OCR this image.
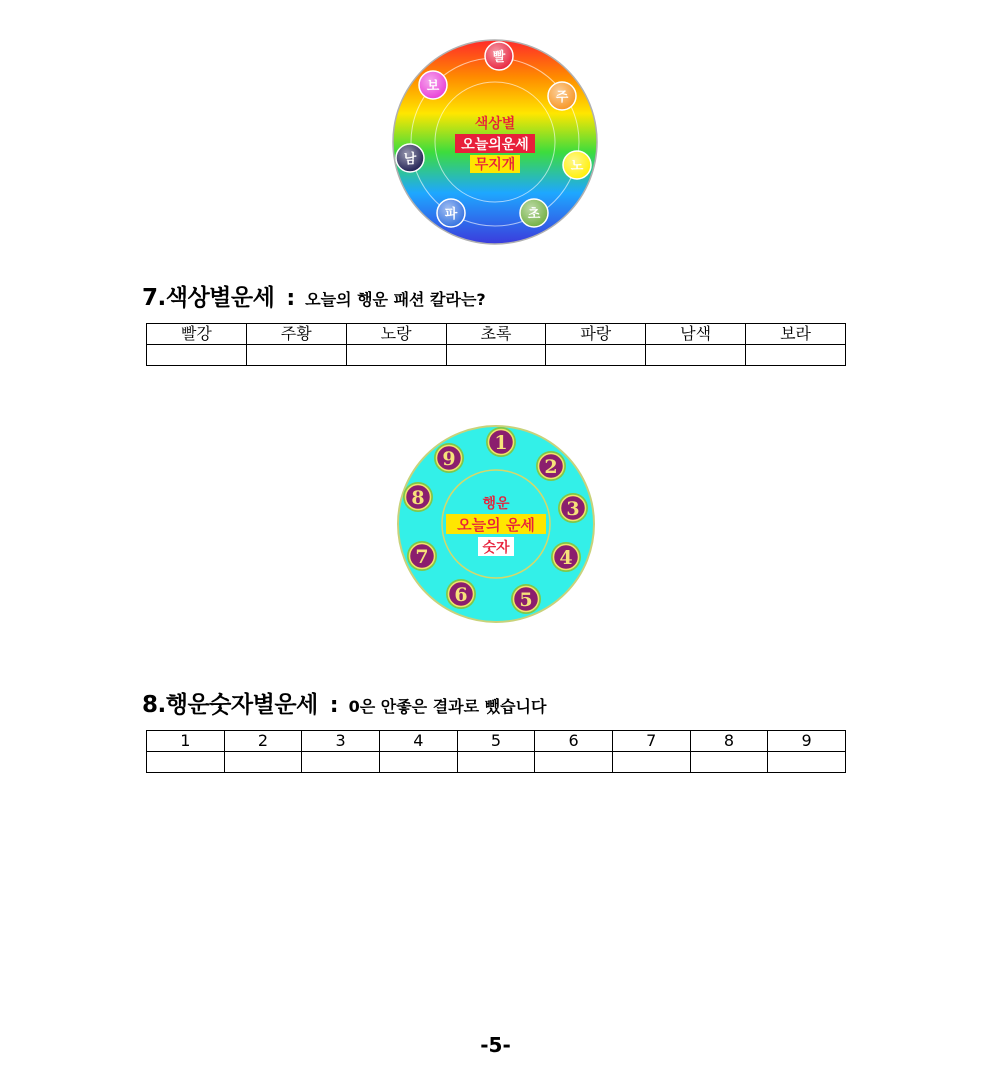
빨
주
노
초
파
남
보
색상별
오늘의운세
무지개
7.색상별운세 : 오늘의 행운 패션 칼라는?
빨강	주황	노랑	초록	파랑	남색	보라

1
2
3
4
5
6
7
8
9
행운
오늘의 운세
숫자
8.행운숫자별운세 : 0은 안좋은 결과로 뺐습니다
1	2	3	4	5	6	7	8	9

-5-
